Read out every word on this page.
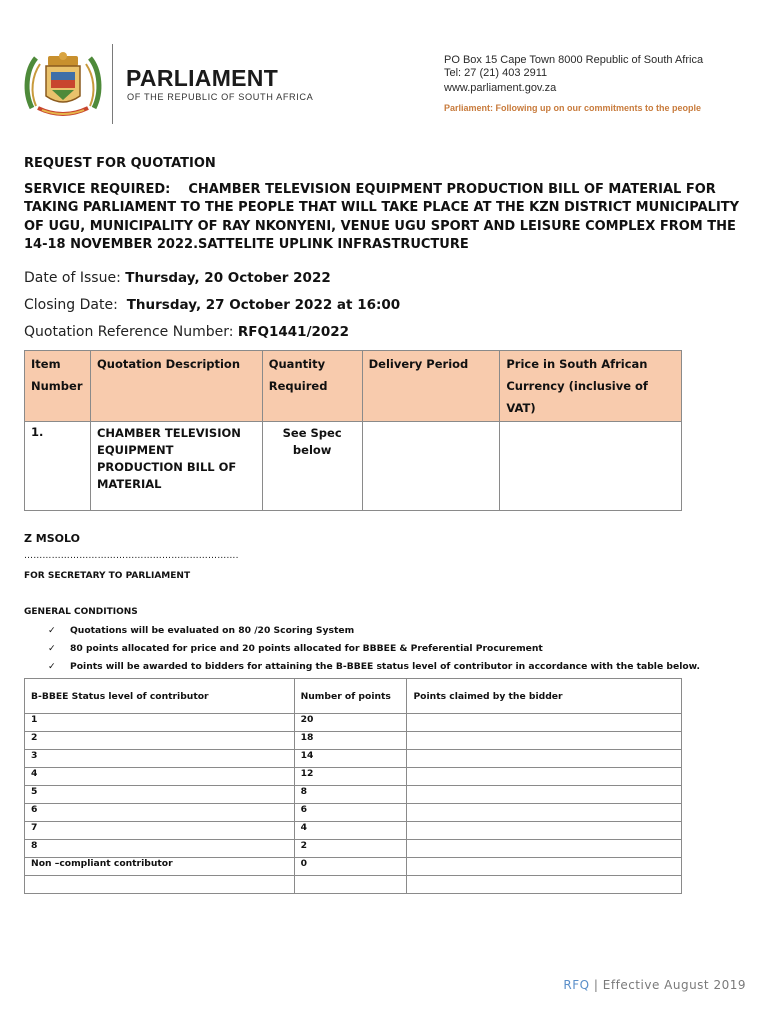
PARLIAMENT
OF THE REPUBLIC OF SOUTH AFRICA
PO Box 15 Cape Town 8000 Republic of South Africa
Tel: 27 (21) 403 2911
www.parliament.gov.za
Parliament: Following up on our commitments to the people
REQUEST FOR QUOTATION
SERVICE REQUIRED: CHAMBER TELEVISION EQUIPMENT PRODUCTION BILL OF MATERIAL FOR TAKING PARLIAMENT TO THE PEOPLE THAT WILL TAKE PLACE AT THE KZN DISTRICT MUNICIPALITY OF UGU, MUNICIPALITY OF RAY NKONYENI, VENUE UGU SPORT AND LEISURE COMPLEX FROM THE 14-18 NOVEMBER 2022.SATTELITE UPLINK INFRASTRUCTURE
Date of Issue: Thursday, 20 October 2022
Closing Date:  Thursday, 27 October 2022 at 16:00
Quotation Reference Number: RFQ1441/2022
Item Number	Quotation Description	Quantity Required	Delivery Period	Price in South African Currency (inclusive of VAT)
1.	CHAMBER TELEVISION EQUIPMENT PRODUCTION BILL OF MATERIAL	See Spec below		
Z MSOLO
…………………………………………………………….
FOR SECRETARY TO PARLIAMENT
GENERAL CONDITIONS
✓ Quotations will be evaluated on 80 /20 Scoring System
✓ 80 points allocated for price and 20 points allocated for BBBEE & Preferential Procurement
✓ Points will be awarded to bidders for attaining the B-BBEE status level of contributor in accordance with the table below.
B-BBEE Status level of contributor	Number of points	Points claimed by the bidder
1	20	
2	18	
3	14	
4	12	
5	8	
6	6	
7	4	
8	2	
Non –compliant contributor	0	

RFQ | Effective August 2019
